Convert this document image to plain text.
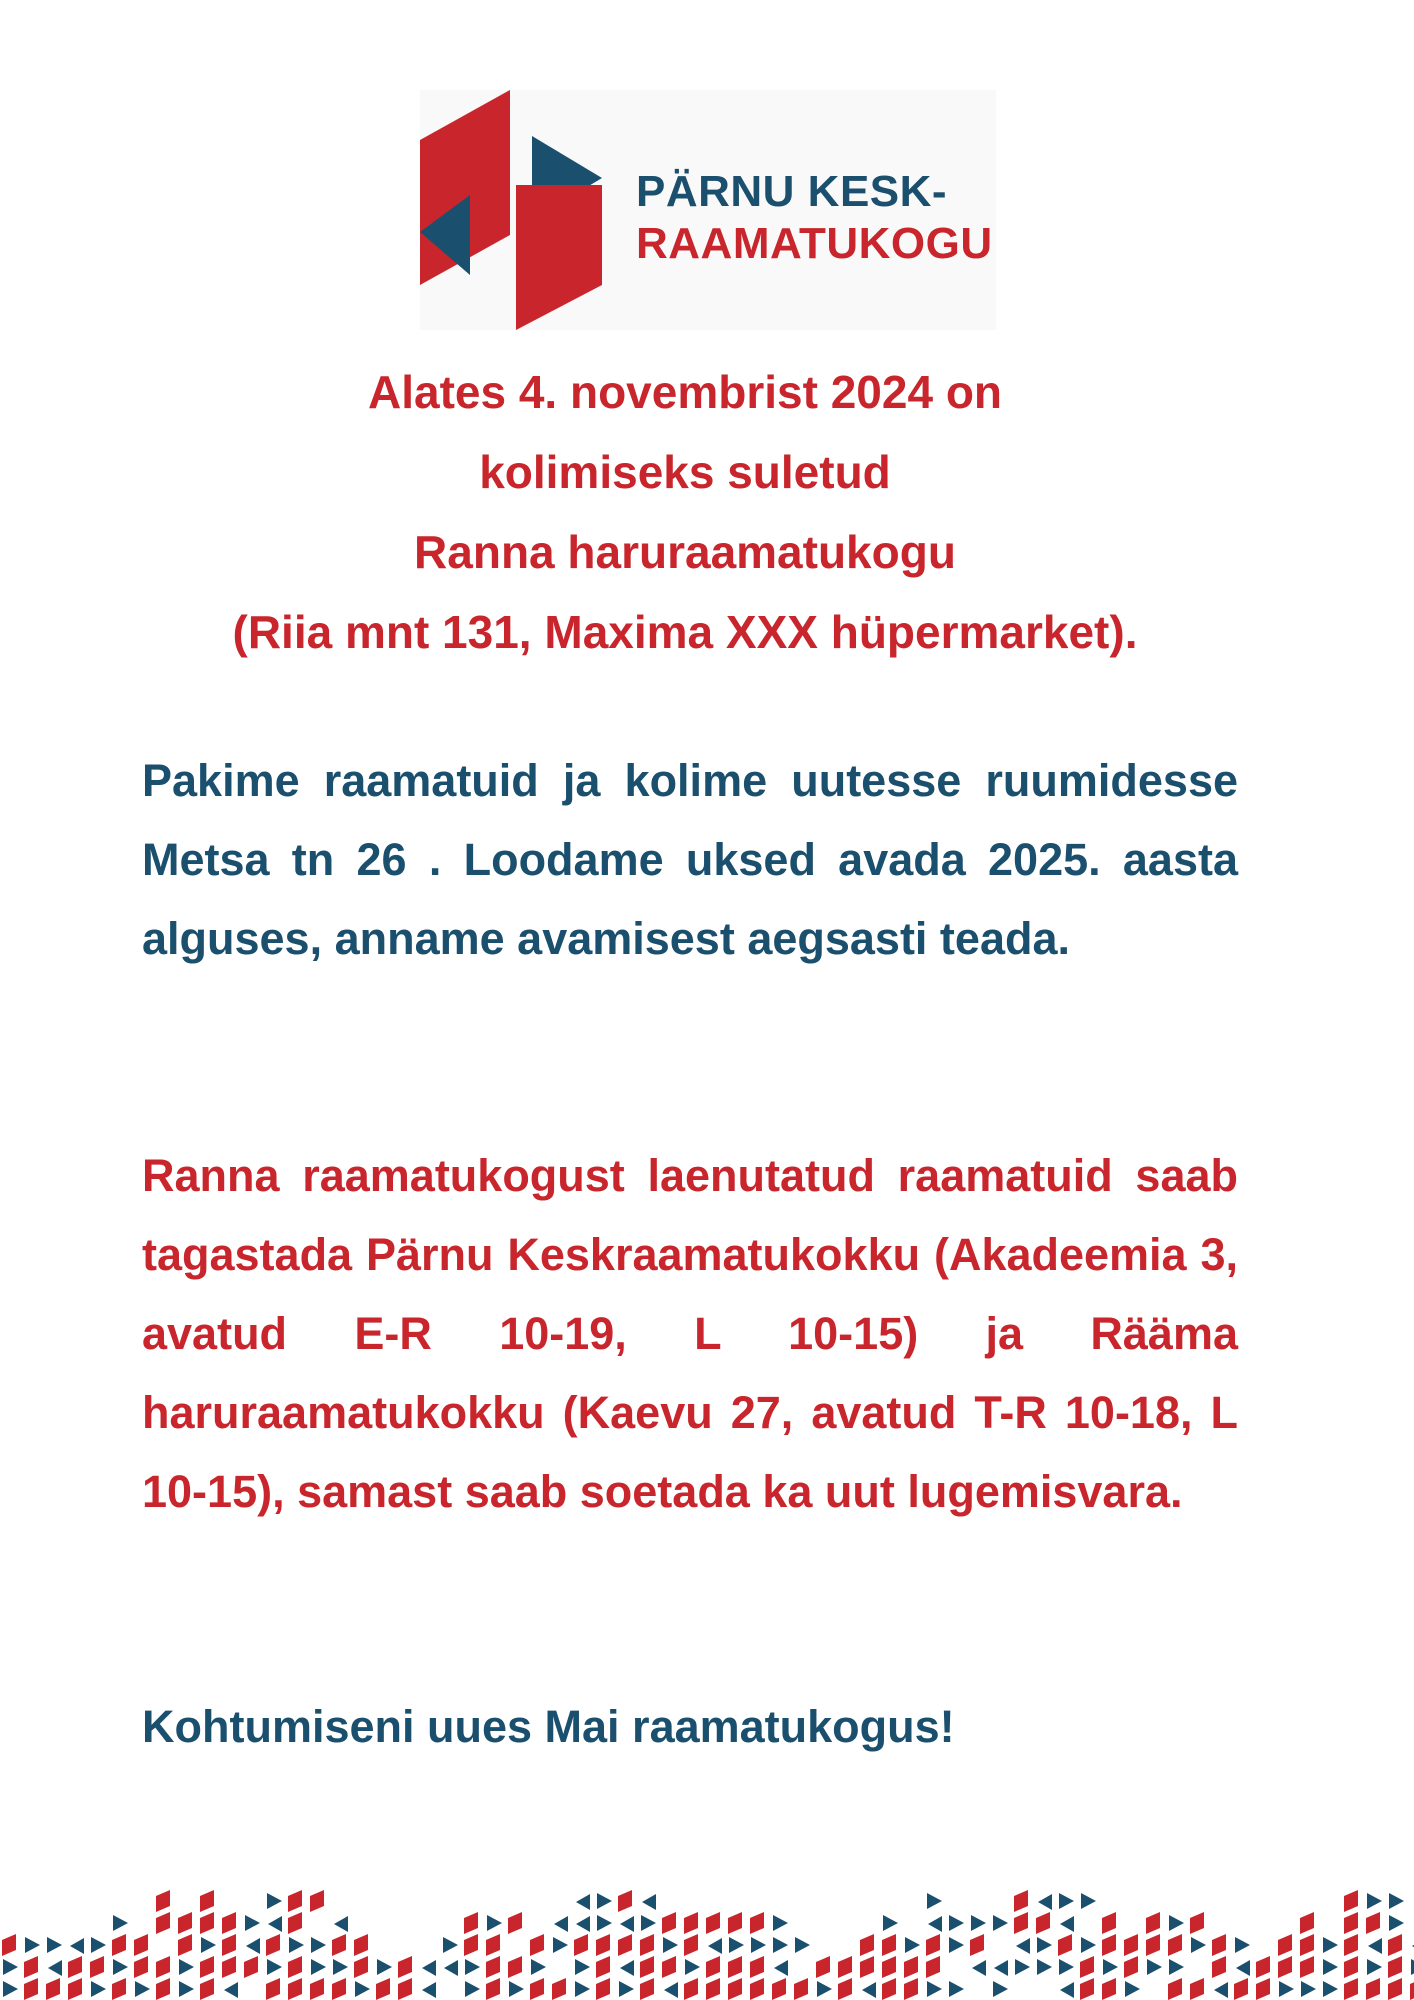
PÄRNU KESK-
RAAMATUKOGU
Alates 4. novembrist 2024 on
kolimiseks suletud
Ranna haruraamatukogu
(Riia mnt 131, Maxima XXX hüpermarket).
Pakime raamatuid ja kolime uutesse ruumidesse Metsa tn 26 . Loodame uksed avada 2025. aasta alguses, anname avamisest aegsasti teada.
Ranna raamatukogust laenutatud raamatuid saab tagastada Pärnu Keskraamatukokku (Akadeemia 3, avatud E-R 10-19, L 10-15) ja Rääma haruraamatukokku (Kaevu 27, avatud T-R 10-18, L 10-15), samast saab soetada ka uut lugemisvara.
Kohtumiseni uues Mai raamatukogus!
